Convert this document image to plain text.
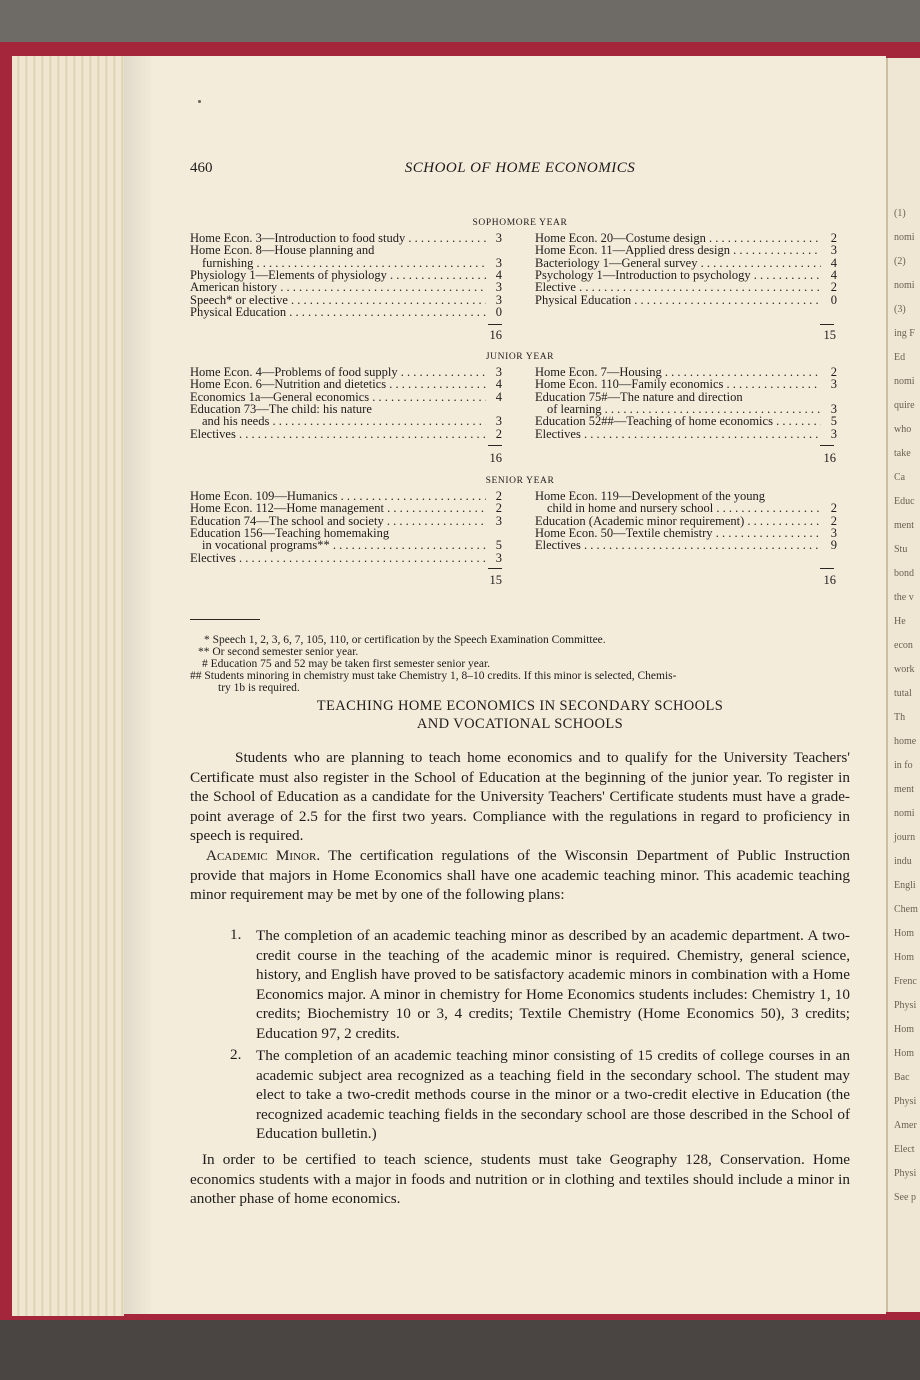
(1)
nomi
(2)
nomi
(3)
ing F
Ed
nomi
quire
who
take
Ca
Educ
ment
Stu
bond
the v
He
econ
work
tutal
Th
home
in fo
ment
nomi
journ
indu
Engli
Chem
Hom
Hom
Frenc
Physi
Hom
Hom
Bac
Physi
Amer
Elect
Physi
See p
460	SCHOOL OF HOME ECONOMICS
SOPHOMORE YEAR
Home Econ. 3—Introduction to food study . . .	3
Home Econ. 8—House planning and
furnishing . . .	3
Physiology 1—Elements of physiology . . .	4
American history . . .	3
Speech* or elective . . .	3
Physical Education . . .	0
Home Econ. 20—Costume design . . .	2
Home Econ. 11—Applied dress design . . .	3
Bacteriology 1—General survey . . .	4
Psychology 1—Introduction to psychology . . .	4
Elective . . .	2
Physical Education . . .	0
16	15
JUNIOR YEAR
Home Econ. 4—Problems of food supply . . .	3
Home Econ. 6—Nutrition and dietetics . . .	4
Economics 1a—General economics . . .	4
Education 73—The child: his nature
and his needs . . .	3
Electives . . .	2
Home Econ. 7—Housing . . .	2
Home Econ. 110—Family economics . . .	3
Education 75#—The nature and direction
of learning . . .	3
Education 52##—Teaching of home economics . . .	5
Electives . . .	3
16	16
SENIOR YEAR
Home Econ. 109—Humanics . . .	2
Home Econ. 112—Home management . . .	2
Education 74—The school and society . . .	3
Education 156—Teaching homemaking
in vocational programs** . . .	5
Electives . . .	3
Home Econ. 119—Development of the young
child in home and nursery school . . .	2
Education (Academic minor requirement) . . .	2
Home Econ. 50—Textile chemistry . . .	3
Electives . . .	9
15	16
* Speech 1, 2, 3, 6, 7, 105, 110, or certification by the Speech Examination Committee.
** Or second semester senior year.
# Education 75 and 52 may be taken first semester senior year.
## Students minoring in chemistry must take Chemistry 1, 8–10 credits. If this minor is selected, Chemis-
try 1b is required.
TEACHING HOME ECONOMICS IN SECONDARY SCHOOLS
AND VOCATIONAL SCHOOLS
Students who are planning to teach home economics and to qualify for the University Teachers' Certificate must also register in the School of Education at the beginning of the junior year. To register in the School of Education as a candidate for the University Teachers' Certificate students must have a grade-point average of 2.5 for the first two years. Compliance with the regulations in regard to proficiency in speech is required.
Academic Minor. The certification regulations of the Wisconsin Department of Public Instruction provide that majors in Home Economics shall have one academic teaching minor. This academic teaching minor requirement may be met by one of the following plans:
1. The completion of an academic teaching minor as described by an academic department. A two-credit course in the teaching of the academic minor is required. Chemistry, general science, history, and English have proved to be satisfactory academic minors in combination with a Home Economics major. A minor in chemistry for Home Economics students includes: Chemistry 1, 10 credits; Biochemistry 10 or 3, 4 credits; Textile Chemistry (Home Economics 50), 3 credits; Education 97, 2 credits.
2. The completion of an academic teaching minor consisting of 15 credits of college courses in an academic subject area recognized as a teaching field in the secondary school. The student may elect to take a two-credit methods course in the minor or a two-credit elective in Education (the recognized academic teaching fields in the secondary school are those described in the School of Education bulletin.)
In order to be certified to teach science, students must take Geography 128, Conservation. Home economics students with a major in foods and nutrition or in clothing and textiles should include a minor in another phase of home economics.
